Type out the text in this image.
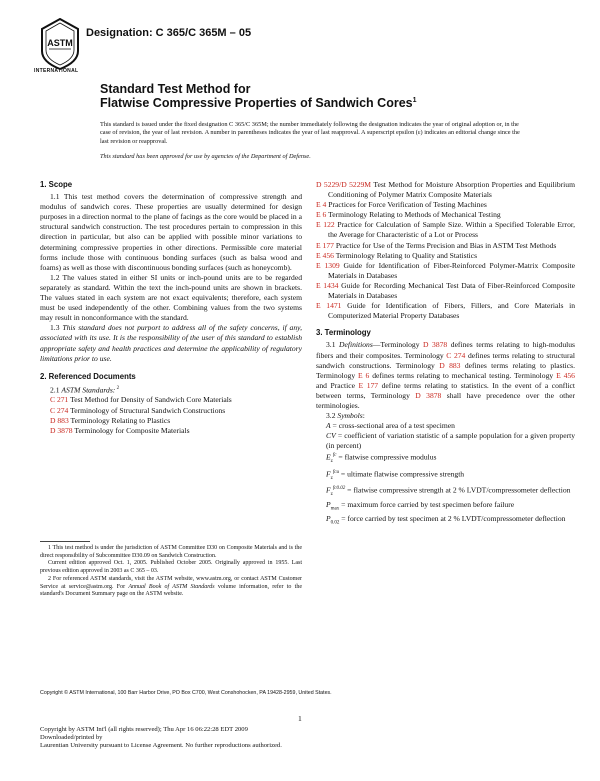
ASTM
INTERNATIONAL
Designation: C 365/C 365M – 05
Standard Test Method for
Flatwise Compressive Properties of Sandwich Cores$^1$
This standard is issued under the fixed designation C 365/C 365M; the number immediately following the designation indicates the year of original adoption or, in the case of revision, the year of last revision. A number in parentheses indicates the year of last reapproval. A superscript epsilon (ε) indicates an editorial change since the last revision or reapproval.
This standard has been approved for use by agencies of the Department of Defense.
1. Scope

1.1 This test method covers the determination of compressive strength and modulus of sandwich cores. These properties are usually determined for design purposes in a direction normal to the plane of facings as the core would be placed in a structural sandwich construction. The test procedures pertain to compression in this direction in particular, but also can be applied with possible minor variations to determining compressive properties in other directions. Permissible core material forms include those with continuous bonding surfaces (such as balsa wood and foams) as well as those with discontinuous bonding surfaces (such as honeycomb).

1.2 The values stated in either SI units or inch-pound units are to be regarded separately as standard. Within the text the inch-pound units are shown in brackets. The values stated in each system are not exact equivalents; therefore, each system must be used independently of the other. Combining values from the two systems may result in nonconformance with the standard.

1.3 This standard does not purport to address all of the safety concerns, if any, associated with its use. It is the responsibility of the user of this standard to establish appropriate safety and health practices and determine the applicability of regulatory limitations prior to use.

2. Referenced Documents

2.1 ASTM Standards: $^2$

C 271 Test Method for Density of Sandwich Core Materials

C 274 Terminology of Structural Sandwich Constructions

D 883 Terminology Relating to Plastics

D 3878 Terminology for Composite Materials

1 This test method is under the jurisdiction of ASTM Committee D30 on Composite Materials and is the direct responsibility of Subcommittee D30.09 on Sandwich Construction.

Current edition approved Oct. 1, 2005. Published October 2005. Originally approved in 1955. Last previous edition approved in 2003 as C 365 – 03.

2 For referenced ASTM standards, visit the ASTM website, www.astm.org, or contact ASTM Customer Service at service@astm.org. For Annual Book of ASTM Standards volume information, refer to the standard's Document Summary page on the ASTM website.

D 5229/D 5229M Test Method for Moisture Absorption Properties and Equilibrium Conditioning of Polymer Matrix Composite Materials

E 4 Practices for Force Verification of Testing Machines

E 6 Terminology Relating to Methods of Mechanical Testing

E 122 Practice for Calculation of Sample Size. Within a Specified Tolerable Error, the Average for Characteristic of a Lot or Process

E 177 Practice for Use of the Terms Precision and Bias in ASTM Test Methods

E 456 Terminology Relating to Quality and Statistics

E 1309 Guide for Identification of Fiber-Reinforced Polymer-Matrix Composite Materials in Databases

E 1434 Guide for Recording Mechanical Test Data of Fiber-Reinforced Composite Materials in Databases

E 1471 Guide for Identification of Fibers, Fillers, and Core Materials in Computerized Material Property Databases

3. Terminology

3.1 Definitions—Terminology D 3878 defines terms relating to high-modulus fibers and their composites. Terminology C 274 defines terms relating to structural sandwich constructions. Terminology D 883 defines terms relating to plastics. Terminology E 6 defines terms relating to mechanical testing. Terminology E 456 and Practice E 177 define terms relating to statistics. In the event of a conflict between terms, Terminology D 3878 shall have precedence over the other terminologies.

3.2 Symbols:

A = cross-sectional area of a test specimen

CV = coefficient of variation statistic of a sample population for a given property (in percent)

$E_z^{fc}$ = flatwise compressive modulus

$F_z^{fcu}$ = ultimate flatwise compressive strength

$F_z^{fc0.02}$ = flatwise compressive strength at 2 % LVDT/compressometer deflection

$P_{max}$ = maximum force carried by test specimen before failure

$P_{0.02}$ = force carried by test specimen at 2 % LVDT/compressometer deflection

Copyright © ASTM International, 100 Barr Harbor Drive, PO Box C700, West Conshohocken, PA 19428-2959, United States.
1
Copyright by ASTM Int'l (all rights reserved); Thu Apr 16 06:22:28 EDT 2009
Downloaded/printed by
Laurentian University pursuant to License Agreement. No further reproductions authorized.
